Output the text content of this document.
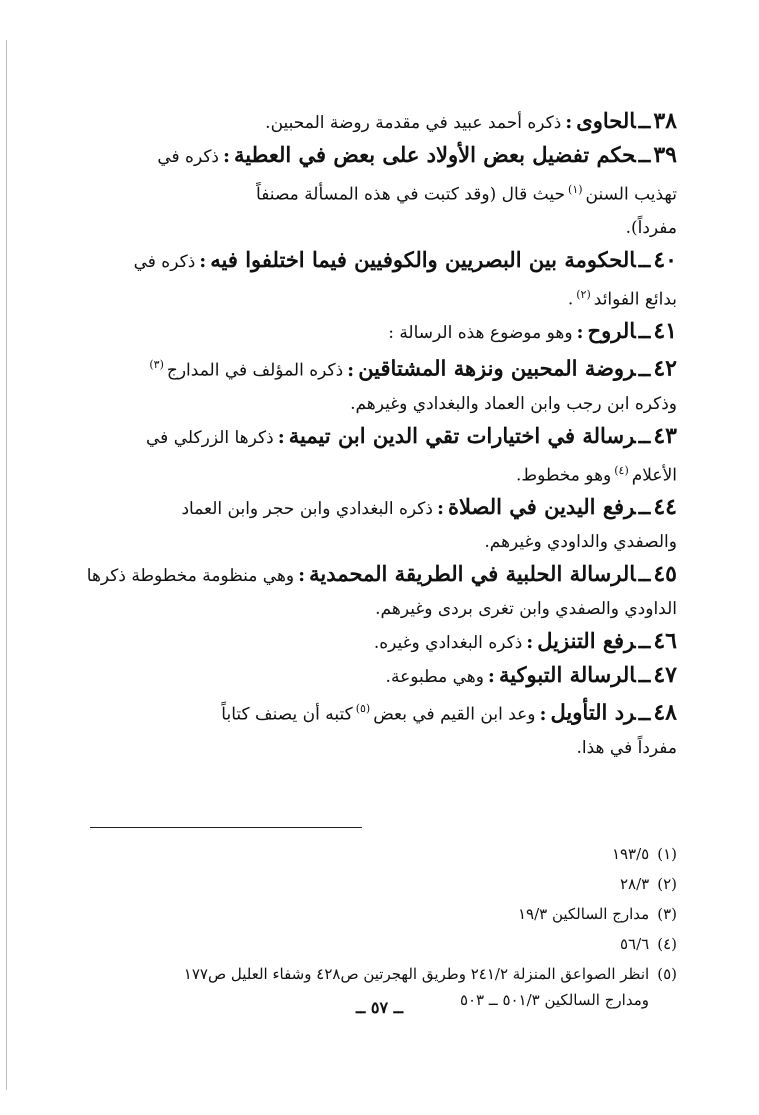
٣٨ــالحاوى:ذكره أحمد عبيد في مقدمة روضة المحبين.
٣٩ــحكم تفضيل بعض الأولاد على بعض في العطية:ذكره في
تهذيب السنن$^{(١)}$حيث قال (وقد كتبت في هذه المسألة مصنفاً
مفرداً).
٤٠ــالحكومة بين البصريين والكوفيين فيما اختلفوا فيه:ذكره في
بدائع الفوائد$^{(٢)}$.
٤١ــالروح:وهو موضوع هذه الرسالة :
٤٢ــروضة المحبين ونزهة المشتاقين:ذكره المؤلف في المدارج$^{(٣)}$
وذكره ابن رجب وابن العماد والبغدادي وغيرهم.
٤٣ــرسالة في اختيارات تقي الدين ابن تيمية:ذكرها الزركلي في
الأعلام$^{(٤)}$وهو مخطوط.
٤٤ــرفع اليدين في الصلاة:ذكره البغدادي وابن حجر وابن العماد
والصفدي والداودي وغيرهم.
٤٥ــالرسالة الحلبية في الطريقة المحمدية:وهي منظومة مخطوطة ذكرها
الداودي والصفدي وابن تغرى بردى وغيرهم.
٤٦ــرفع التنزيل:ذكره البغدادي وغيره.
٤٧ــالرسالة التبوكية:وهي مطبوعة.
٤٨ــرد التأويل:وعد ابن القيم في بعض$^{(٥)}$كتبه أن يصنف كتاباً
مفرداً في هذا.
(١)١٩٣/٥
(٢)٢٨/٣
(٣)مدارج السالكين ١٩/٣
(٤)٥٦/٦
(٥)انظر الصواعق المنزلة ٢٤١/٢ وطريق الهجرتين ص٤٢٨ وشفاء العليل ص١٧٧
ومدارج السالكين ٥٠١/٣ ــ ٥٠٣
ــ ٥٧ ــ
